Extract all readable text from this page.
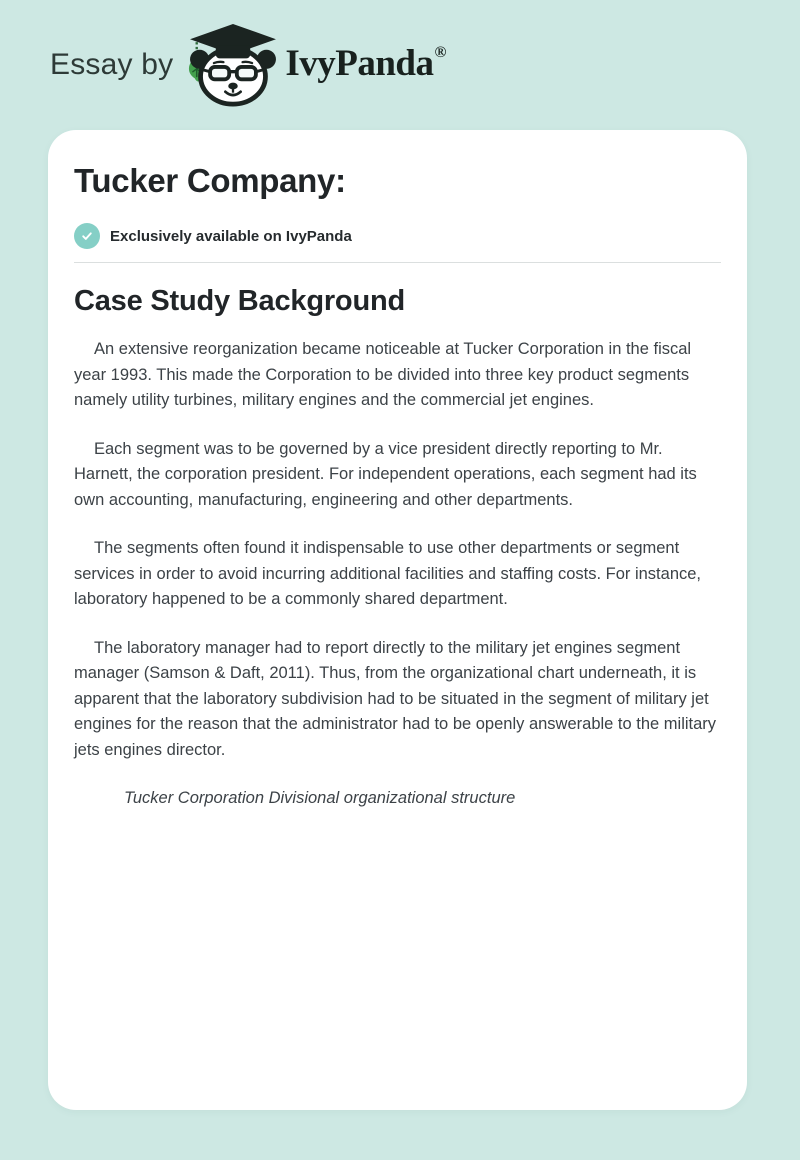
Essay by	IvyPanda ®
Tucker Company:
Exclusively available on IvyPanda
Case Study Background

An extensive reorganization became noticeable at Tucker Corporation in the fiscal year 1993. This made the Corporation to be divided into three key product segments namely utility turbines, military engines and the commercial jet engines.

Each segment was to be governed by a vice president directly reporting to Mr. Harnett, the corporation president. For independent operations, each segment had its own accounting, manufacturing, engineering and other departments.

The segments often found it indispensable to use other departments or segment services in order to avoid incurring additional facilities and staffing costs. For instance, laboratory happened to be a commonly shared department.

The laboratory manager had to report directly to the military jet engines segment manager (Samson & Daft, 2011). Thus, from the organizational chart underneath, it is apparent that the laboratory subdivision had to be situated in the segment of military jet engines for the reason that the administrator had to be openly answerable to the military jets engines director.

Tucker Corporation Divisional organizational structure
